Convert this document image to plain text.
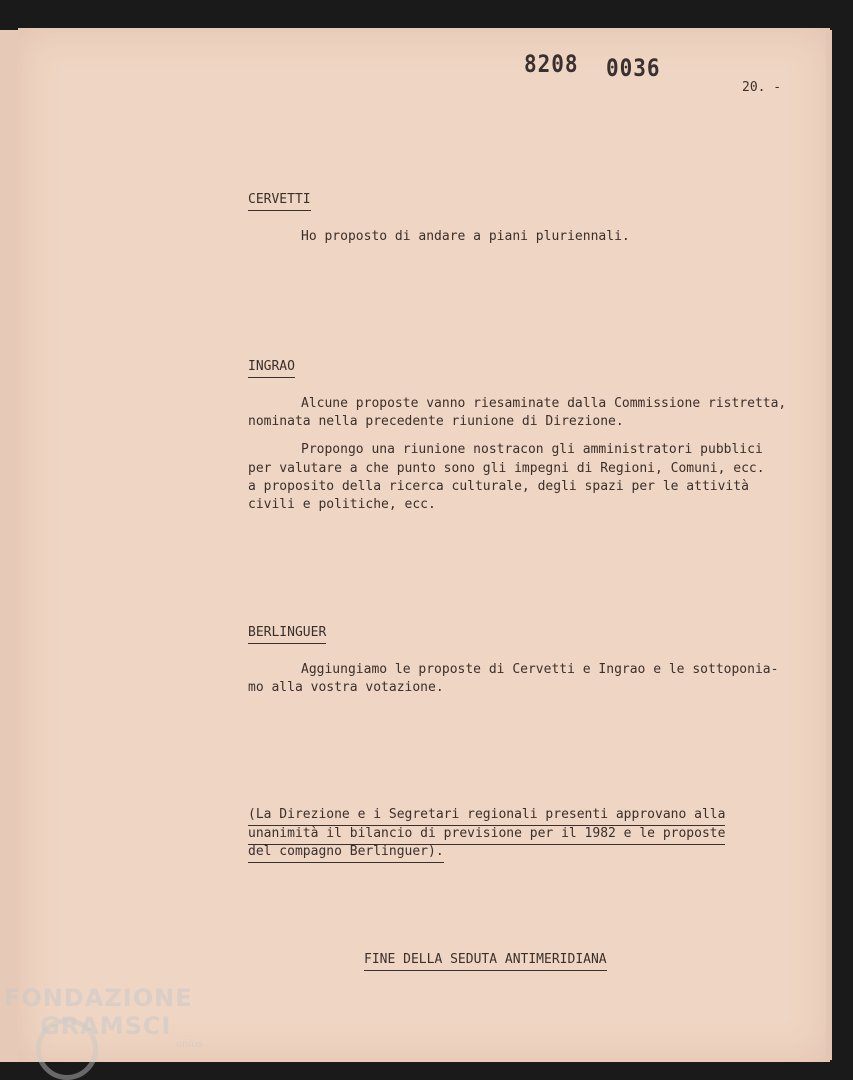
8208 0036
20. -
CERVETTI
Ho proposto di andare a piani pluriennali.
INGRAO
Alcune proposte vanno riesaminate dalla Commissione ristretta,
nominata nella precedente riunione di Direzione.
Propongo una riunione nostracon gli amministratori pubblici
per valutare a che punto sono gli impegni di Regioni, Comuni, ecc.
a proposito della ricerca culturale, degli spazi per le attività
civili e politiche, ecc.
BERLINGUER
Aggiungiamo le proposte di Cervetti e Ingrao e le sottoponia-
mo alla vostra votazione.
(La Direzione e i Segretari regionali presenti approvano alla
unanimità il bilancio di previsione per il 1982 e le proposte
del compagno Berlinguer).
FINE DELLA SEDUTA ANTIMERIDIANA
FONDAZIONE
GRAMSCI
onlus
